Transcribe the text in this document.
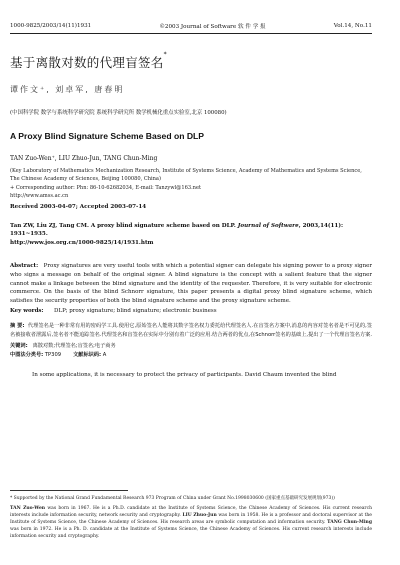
1000-9825/2003/14(11)1931	©2003 Journal of Software 软 件 学 报	Vol.14, No.11
基于离散对数的代理盲签名*
谭作文⁺, 刘卓军, 唐春明
(中国科学院 数学与系统科学研究院 系统科学研究所 数学机械化重点实验室,北京 100080)
A Proxy Blind Signature Scheme Based on DLP
TAN Zuo-Wen⁺, LIU Zhuo-Jun, TANG Chun-Ming
(Key Laboratory of Mathematics Mechanization Research, Institute of Systems Science, Academy of Mathematics and Systems Science, The Chinese Academy of Sciences, Beijing 100080, China)
+ Corresponding author: Phn: 86-10-62682034, E-mail: Tanzywl@163.net
http://www.amss.ac.cn
Received 2003-04-07; Accepted 2003-07-14
Tan ZW, Liu ZJ, Tang CM. A proxy blind signature scheme based on DLP. Journal of Software, 2003,14(11): 1931~1935.
http://www.jos.org.cn/1000-9825/14/1931.htm
Abstract: Proxy signatures are very useful tools with which a potential signer can delegate his signing power to a proxy signer who signs a message on behalf of the original signer. A blind signature is the concept with a salient feature that the signer cannot make a linkage between the blind signature and the identity of the requester. Therefore, it is very suitable for electronic commerce. On the basis of the blind Schnorr signature, this paper presents a digital proxy blind signature scheme, which satisfies the security properties of both the blind signature scheme and the proxy signature scheme.
Key words: DLP; proxy signature; blind signature; electronic business
摘 要: 代理签名是一种非常有用的密码学工具.使用它,原始签名人能将其数字签名权力委托给代理签名人.在盲签名方案中,消息的内容对签名者是不可见的,签名被接收者泄露后,签名者不能追踪签名.代理签名和盲签名在实际中分别有着广泛的应用.结合两者的优点,在Schnorr签名的基础上,提出了一个代理盲签名方案.
关键词: 离散对数;代理签名;盲签名;电子商务
中图法分类号: TP309 文献标识码: A
In some applications, it is necessary to protect the privacy of participants. David Chaum invented the blind
* Supported by the National Grand Fundamental Research 973 Program of China under Grant No.1998030600 (国家重点基础研究发展规划(973))
TAN Zuo-Wen was born in 1967. He is a Ph.D. candidate at the Institute of Systems Science, the Chinese Academy of Sciences. His current research interests include information security, network security and cryptography. LIU Zhuo-Jun was born in 1958. He is a professor and doctoral supervisor at the Institute of Systems Science, the Chinese Academy of Sciences. His research areas are symbolic computation and information security. TANG Chun-Ming was born in 1972. He is a Ph. D. candidate at the Institute of Systems Science, the Chinese Academy of Sciences. His current research interests include information security and cryptography.
